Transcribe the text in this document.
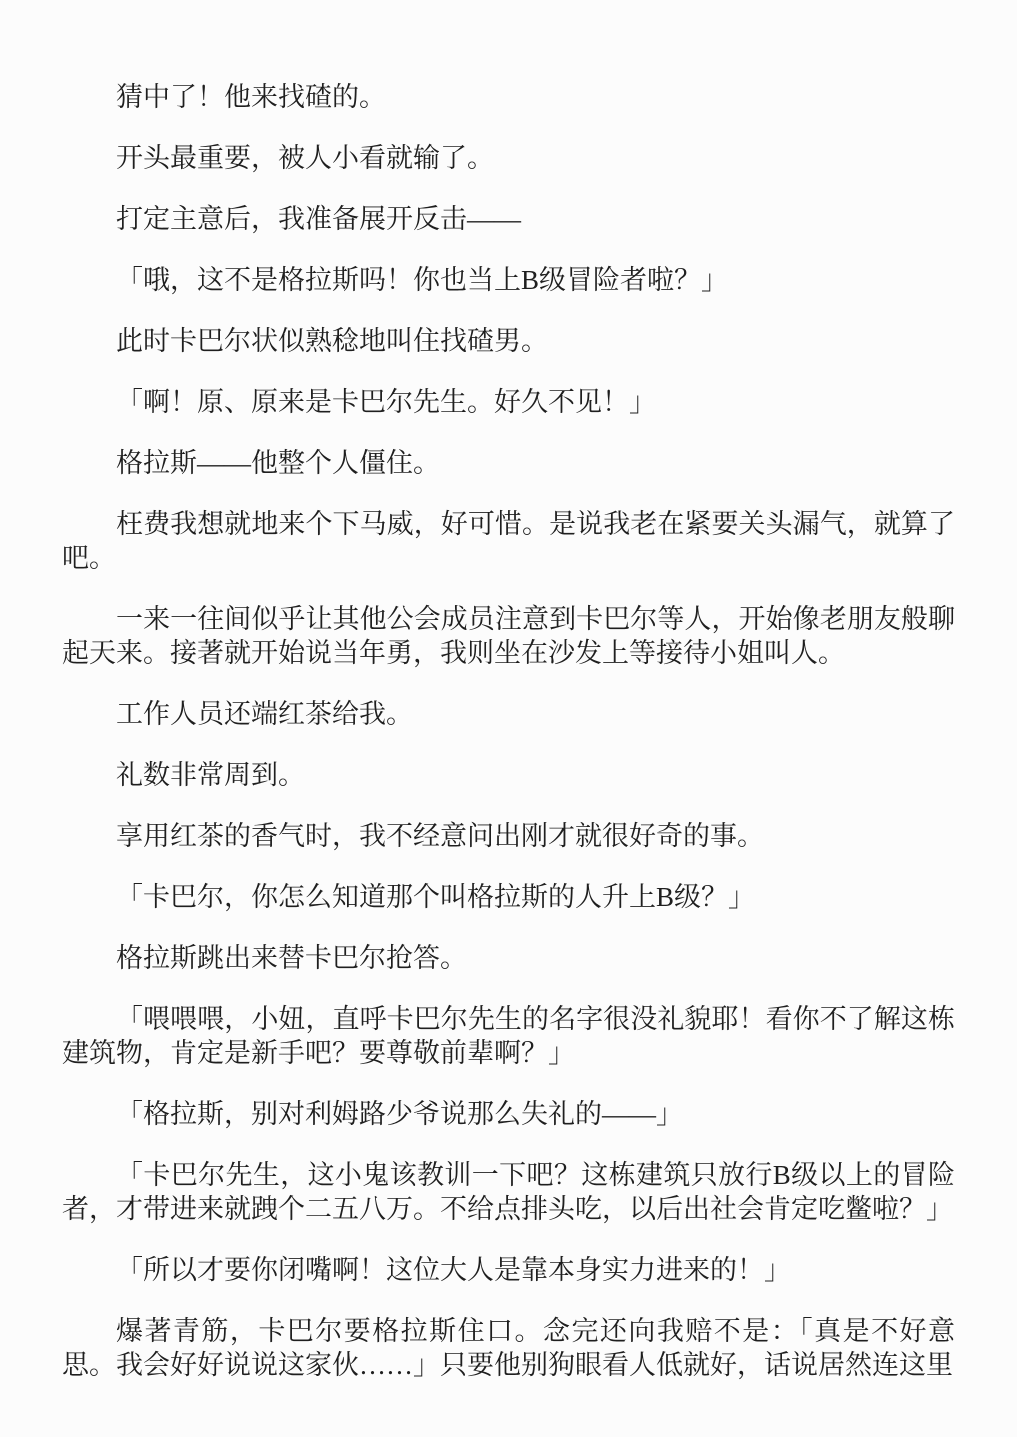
猜中了！他来找碴的。

开头最重要，被人小看就输了。

打定主意后，我准备展开反击——

「哦，这不是格拉斯吗！你也当上B级冒险者啦？」

此时卡巴尔状似熟稔地叫住找碴男。

「啊！原、原来是卡巴尔先生。好久不见！」

格拉斯——他整个人僵住。

枉费我想就地来个下马威，好可惜。是说我老在紧要关头漏气，就算了吧。

一来一往间似乎让其他公会成员注意到卡巴尔等人，开始像老朋友般聊起天来。接著就开始说当年勇，我则坐在沙发上等接待小姐叫人。

工作人员还端红茶给我。

礼数非常周到。

享用红茶的香气时，我不经意问出刚才就很好奇的事。

「卡巴尔，你怎么知道那个叫格拉斯的人升上B级？」

格拉斯跳出来替卡巴尔抢答。

「喂喂喂，小妞，直呼卡巴尔先生的名字很没礼貌耶！看你不了解这栋建筑物，肯定是新手吧？要尊敬前辈啊？」

「格拉斯，别对利姆路少爷说那么失礼的——」

「卡巴尔先生，这小鬼该教训一下吧？这栋建筑只放行B级以上的冒险者，才带进来就跩个二五八万。不给点排头吃，以后出社会肯定吃鳖啦？」

「所以才要你闭嘴啊！这位大人是靠本身实力进来的！」

爆著青筋，卡巴尔要格拉斯住口。念完还向我赔不是：「真是不好意思。我会好好说说这家伙……」只要他别狗眼看人低就好，话说居然连这里
